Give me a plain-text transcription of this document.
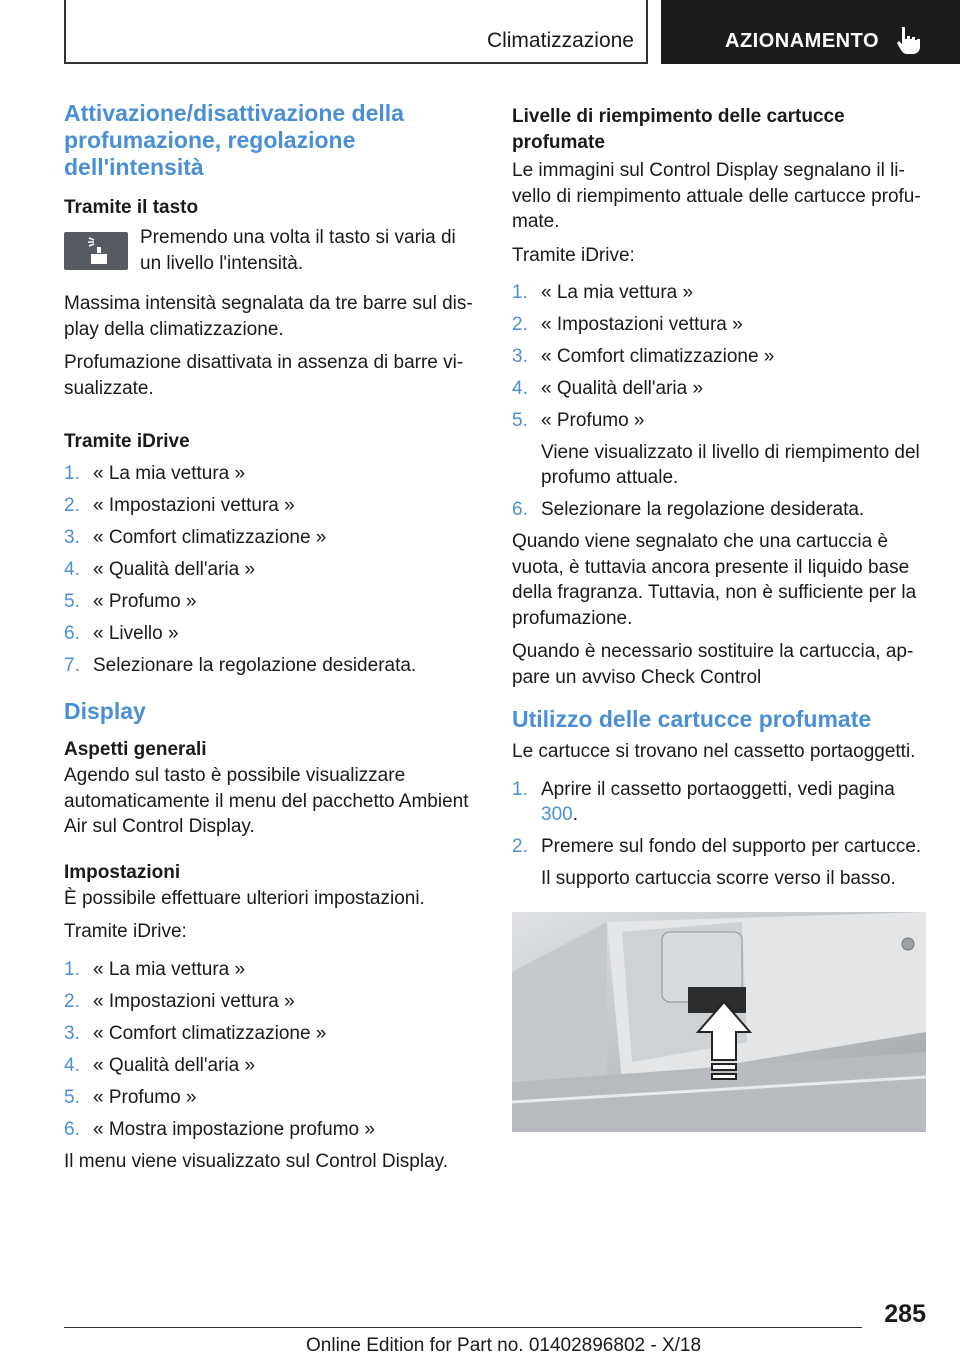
Climatizzazione	AZIONAMENTO
Attivazione/disattivazione della profumazione, regolazione dell'intensità
Tramite il tasto
Premendo una volta il tasto si varia di un livello l'intensità.

Massima intensità segnalata da tre barre sul display della climatizzazione.

Profumazione disattivata in assenza di barre visualizzate.

Tramite iDrive
1. « La mia vettura »
2. « Impostazioni vettura »
3. « Comfort climatizzazione »
4. « Qualità dell'aria »
5. « Profumo »
6. « Livello »
7. Selezionare la regolazione desiderata.
Display
Aspetti generali

Agendo sul tasto è possibile visualizzare automaticamente il menu del pacchetto Ambient Air sul Control Display.

Impostazioni

È possibile effettuare ulteriori impostazioni.

Tramite iDrive:

1. « La mia vettura »
2. « Impostazioni vettura »
3. « Comfort climatizzazione »
4. « Qualità dell'aria »
5. « Profumo »
6. « Mostra impostazione profumo »

Il menu viene visualizzato sul Control Display.

Livelle di riempimento delle cartucce profumate

Le immagini sul Control Display segnalano il livello di riempimento attuale delle cartucce profumate.

Tramite iDrive:

1. « La mia vettura »
2. « Impostazioni vettura »
3. « Comfort climatizzazione »
4. « Qualità dell'aria »
5. « Profumo »
Viene visualizzato il livello di riempimento del profumo attuale.
6. Selezionare la regolazione desiderata.

Quando viene segnalato che una cartuccia è vuota, è tuttavia ancora presente il liquido base della fragranza. Tuttavia, non è sufficiente per la profumazione.

Quando è necessario sostituire la cartuccia, appare un avviso Check Control

Utilizzo delle cartucce profumate

Le cartucce si trovano nel cassetto portaoggetti.

1. Aprire il cassetto portaoggetti, vedi pagina 300.
2. Premere sul fondo del supporto per cartucce.
Il supporto cartuccia scorre verso il basso.
285
Online Edition for Part no. 01402896802 - X/18
